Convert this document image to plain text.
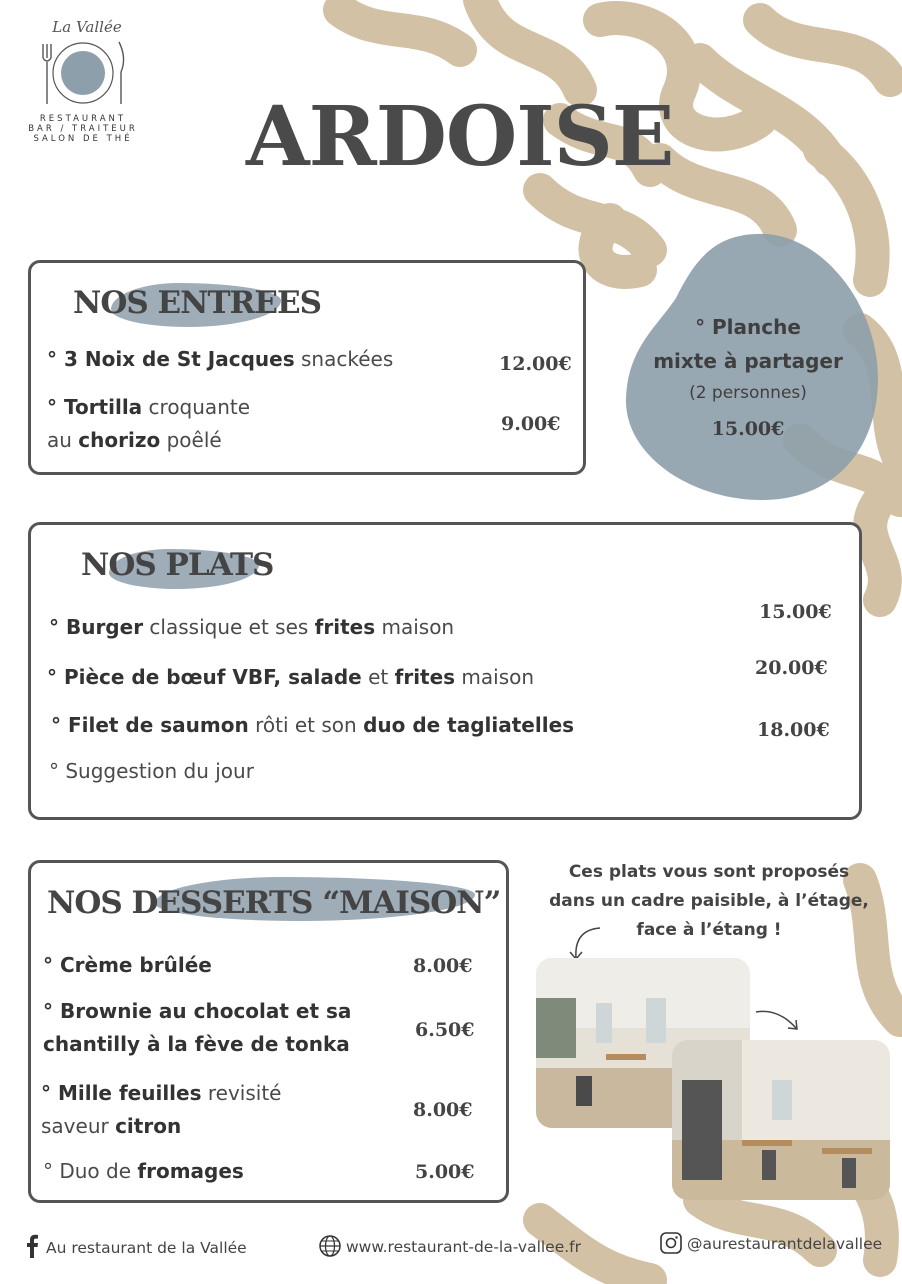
La Vallée
RESTAURANT
BAR / TRAITEUR
SALON DE THÉ	ARDOISE
° Planche
mixte à partager
(2 personnes)
15.00€
NOS ENTREES
° 3 Noix de St Jacques snackées	12.00€
° Tortilla croquante
au chorizo poêlé
9.00€
NOS PLATS
° Burger classique et ses frites maison
15.00€
° Pièce de bœuf VBF, salade et frites maison	20.00€
° Filet de saumon rôti et son duo de tagliatelles	18.00€
° Suggestion du jour
NOS DESSERTS “MAISON”
° Crème brûlée	8.00€
° Brownie au chocolat et sa
chantilly à la fève de tonka
6.50€
° Mille feuilles revisité
saveur citron
8.00€
° Duo de fromages	5.00€
Ces plats vous sont proposés
dans un cadre paisible, à l’étage,
face à l’étang !
Au restaurant de la Vallée	www.restaurant-de-la-vallee.fr	@aurestaurantdelavallee
